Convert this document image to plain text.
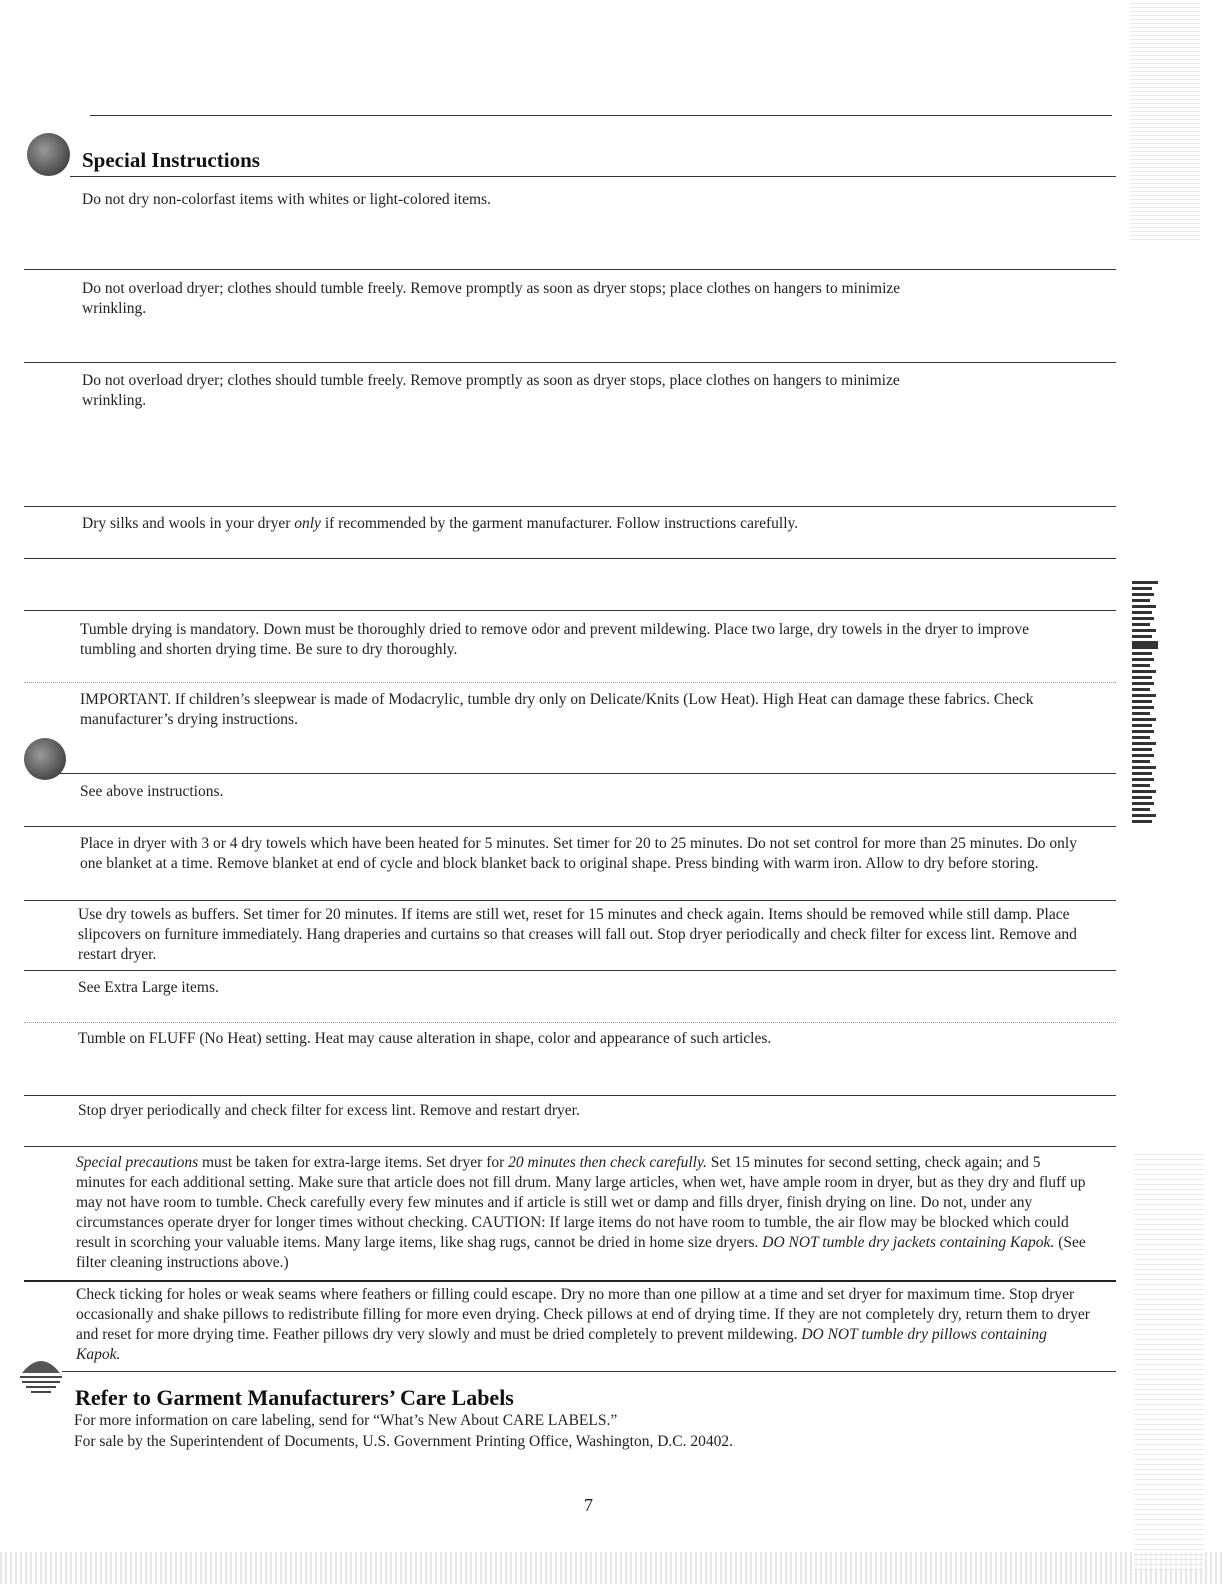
Special Instructions
Do not dry non-colorfast items with whites or light-colored items.
Do not overload dryer; clothes should tumble freely. Remove promptly as soon as dryer stops; place clothes on hangers to minimize wrinkling.
Do not overload dryer; clothes should tumble freely. Remove promptly as soon as dryer stops, place clothes on hangers to minimize wrinkling.
Dry silks and wools in your dryer only if recommended by the garment manufacturer. Follow instructions carefully.
Tumble drying is mandatory. Down must be thoroughly dried to remove odor and prevent mildewing. Place two large, dry towels in the dryer to improve tumbling and shorten drying time. Be sure to dry thoroughly.
IMPORTANT. If children’s sleepwear is made of Modacrylic, tumble dry only on Delicate/Knits (Low Heat). High Heat can damage these fabrics. Check manufacturer’s drying instructions.
See above instructions.
Place in dryer with 3 or 4 dry towels which have been heated for 5 minutes. Set timer for 20 to 25 minutes. Do not set control for more than 25 minutes. Do only one blanket at a time. Remove blanket at end of cycle and block blanket back to original shape. Press binding with warm iron. Allow to dry before storing.
Use dry towels as buffers. Set timer for 20 minutes. If items are still wet, reset for 15 minutes and check again. Items should be removed while still damp. Place slipcovers on furniture immediately. Hang draperies and curtains so that creases will fall out. Stop dryer periodically and check filter for excess lint. Remove and restart dryer.
See Extra Large items.
Tumble on FLUFF (No Heat) setting. Heat may cause alteration in shape, color and appearance of such articles.
Stop dryer periodically and check filter for excess lint. Remove and restart dryer.
Special precautions must be taken for extra-large items. Set dryer for 20 minutes then check carefully. Set 15 minutes for second setting, check again; and 5 minutes for each additional setting. Make sure that article does not fill drum. Many large articles, when wet, have ample room in dryer, but as they dry and fluff up may not have room to tumble. Check carefully every few minutes and if article is still wet or damp and fills dryer, finish drying on line. Do not, under any circumstances operate dryer for longer times without checking. CAUTION: If large items do not have room to tumble, the air flow may be blocked which could result in scorching your valuable items. Many large items, like shag rugs, cannot be dried in home size dryers. DO NOT tumble dry jackets containing Kapok. (See filter cleaning instructions above.)
Check ticking for holes or weak seams where feathers or filling could escape. Dry no more than one pillow at a time and set dryer for maximum time. Stop dryer occasionally and shake pillows to redistribute filling for more even drying. Check pillows at end of drying time. If they are not completely dry, return them to dryer and reset for more drying time. Feather pillows dry very slowly and must be dried completely to prevent mildewing. DO NOT tumble dry pillows containing Kapok.
Refer to Garment Manufacturers’ Care Labels
For more information on care labeling, send for “What’s New About CARE LABELS.”
For sale by the Superintendent of Documents, U.S. Government Printing Office, Washington, D.C. 20402.
7
